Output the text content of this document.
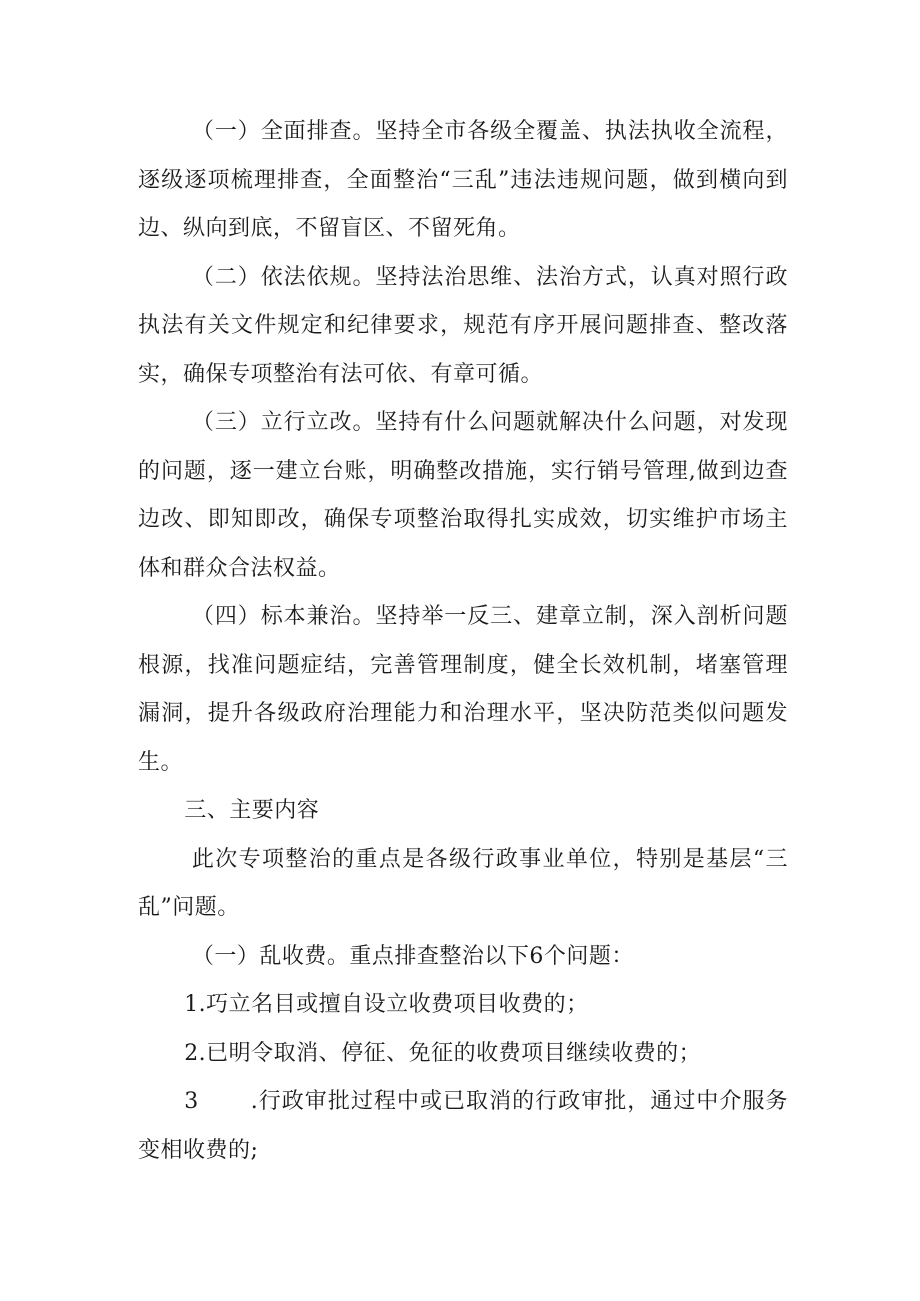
（一）全面排查。坚持全市各级全覆盖、执法执收全流程，逐级逐项梳理排查，全面整治“三乱”违法违规问题，做到横向到边、纵向到底，不留盲区、不留死角。

（二）依法依规。坚持法治思维、法治方式，认真对照行政执法有关文件规定和纪律要求，规范有序开展问题排查、整改落实，确保专项整治有法可依、有章可循。

（三）立行立改。坚持有什么问题就解决什么问题，对发现的问题，逐一建立台账，明确整改措施，实行销号管理,做到边查边改、即知即改，确保专项整治取得扎实成效，切实维护市场主体和群众合法权益。

（四）标本兼治。坚持举一反三、建章立制，深入剖析问题根源，找准问题症结，完善管理制度，健全长效机制，堵塞管理漏洞，提升各级政府治理能力和治理水平，坚决防范类似问题发生。

三、主要内容

此次专项整治的重点是各级行政事业单位，特别是基层“三乱”问题。

（一）乱收费。重点排查整治以下6个问题：

1.巧立名目或擅自设立收费项目收费的；

2.已明令取消、停征、免征的收费项目继续收费的；

3 .行政审批过程中或已取消的行政审批，通过中介服务变相收费的;
